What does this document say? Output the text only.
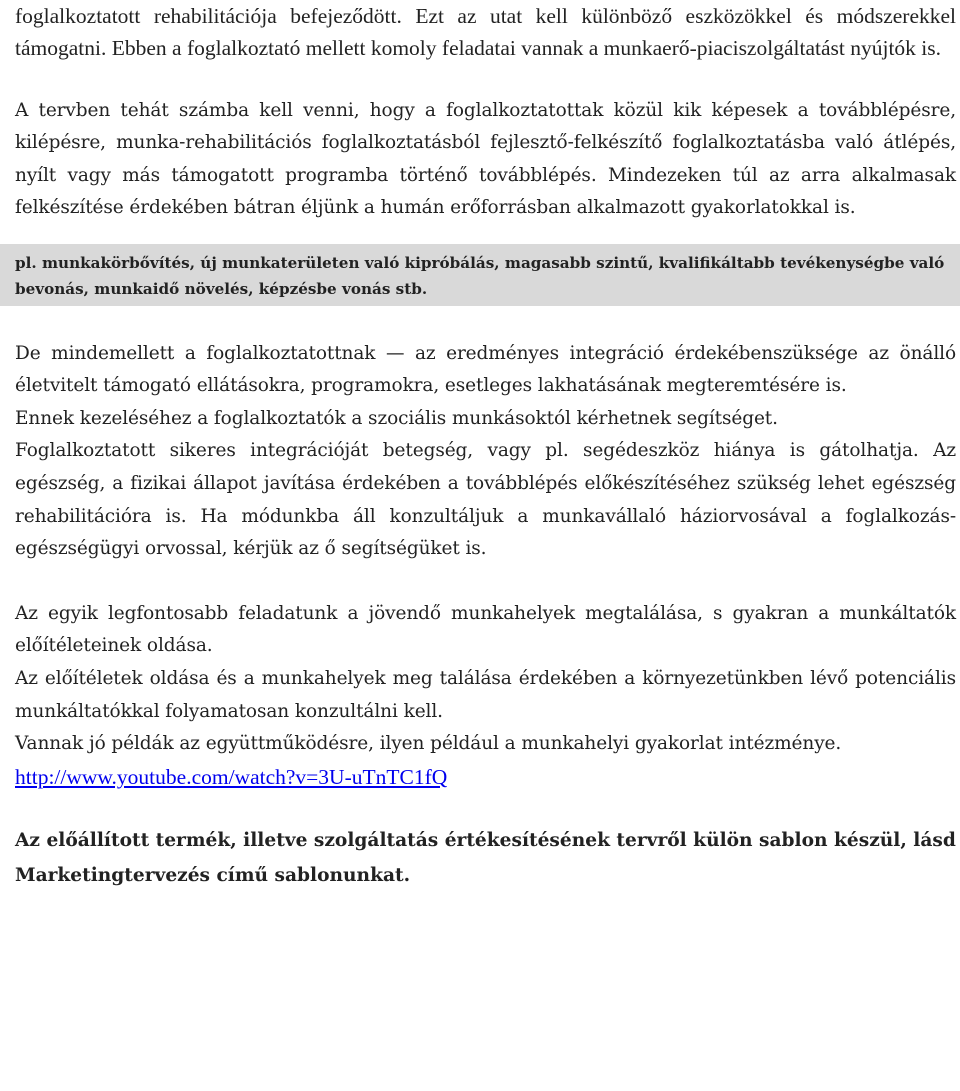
foglalkoztatott rehabilitációja befejeződött. Ezt az utat kell különböző eszközökkel és módszerekkel támogatni. Ebben a foglalkoztató mellett komoly feladatai vannak a munkaerő-piaciszolgáltatást nyújtók is.

A tervben tehát számba kell venni, hogy a foglalkoztatottak közül kik képesek a továbblépésre, kilépésre, munka-rehabilitációs foglalkoztatásból fejlesztő-felkészítő foglalkoztatásba való átlépés, nyílt vagy más támogatott programba történő továbblépés. Mindezeken túl az arra alkalmasak felkészítése érdekében bátran éljünk a humán erőforrásban alkalmazott gyakorlatokkal is.

pl. munkakörbővítés, új munkaterületen való kipróbálás, magasabb szintű, kvalifikáltabb tevékenységbe való bevonás, munkaidő növelés, képzésbe vonás stb.

De mindemellett a foglalkoztatottnak — az eredményes integráció érdekébenszüksége az önálló életvitelt támogató ellátásokra, programokra, esetleges lakhatásának megteremtésére is.

Ennek kezeléséhez a foglalkoztatók a szociális munkásoktól kérhetnek segítséget.

Foglalkoztatott sikeres integrációját betegség, vagy pl. segédeszköz hiánya is gátolhatja. Az egészség, a fizikai állapot javítása érdekében a továbblépés előkészítéséhez szükség lehet egészség rehabilitációra is. Ha módunkba áll konzultáljuk a munkavállaló háziorvosával a foglalkozás- egészségügyi orvossal, kérjük az ő segítségüket is.

Az egyik legfontosabb feladatunk a jövendő munkahelyek megtalálása, s gyakran a munkáltatók előítéleteinek oldása.

Az előítéletek oldása és a munkahelyek meg találása érdekében a környezetünkben lévő potenciális munkáltatókkal folyamatosan konzultálni kell.

Vannak jó példák az együttműködésre, ilyen például a munkahelyi gyakorlat intézménye.

http://www.youtube.com/watch?v=3U-uTnTC1fQ

Az előállított termék, illetve szolgáltatás értékesítésének tervről külön sablon készül, lásd Marketingtervezés című sablonunkat.
